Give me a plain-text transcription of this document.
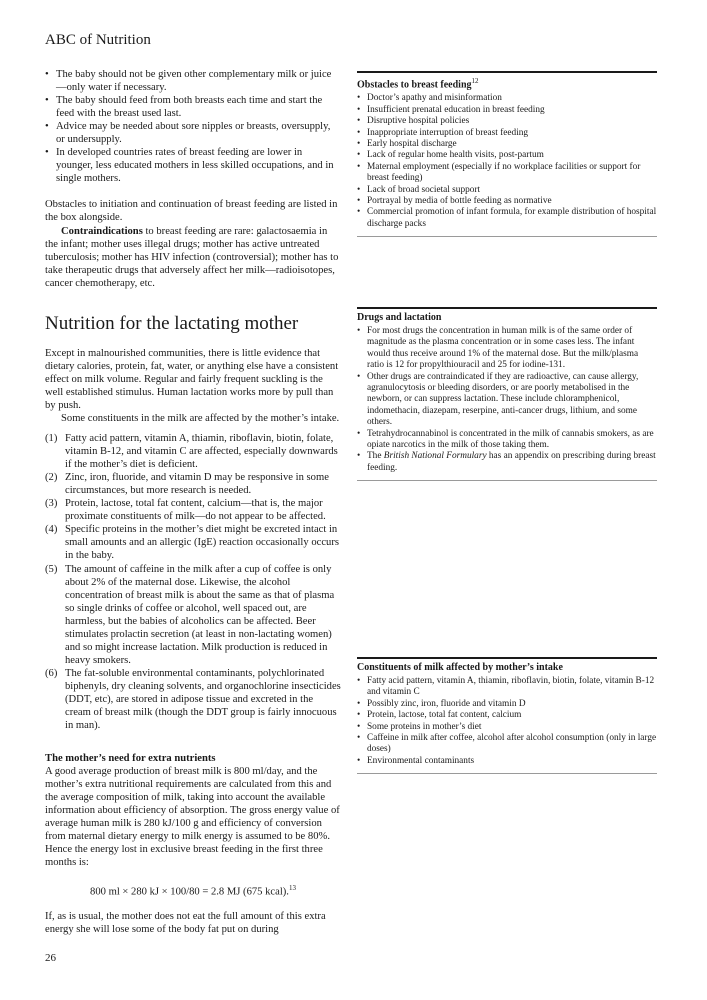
ABC of Nutrition
• The baby should not be given other complementary milk or juice—only water if necessary.
• The baby should feed from both breasts each time and start the feed with the breast used last.
• Advice may be needed about sore nipples or breasts, oversupply, or undersupply.
• In developed countries rates of breast feeding are lower in younger, less educated mothers in less skilled occupations, and in single mothers.

Obstacles to initiation and continuation of breast feeding are listed in the box alongside.

Contraindications to breast feeding are rare: galactosaemia in the infant; mother uses illegal drugs; mother has active untreated tuberculosis; mother has HIV infection (controversial); mother has to take therapeutic drugs that adversely affect her milk—radioisotopes, cancer chemotherapy, etc.

Nutrition for the lactating mother

Except in malnourished communities, there is little evidence that dietary calories, protein, fat, water, or anything else have a consistent effect on milk volume. Regular and fairly frequent suckling is the well established stimulus. Human lactation works more by pull than by push.

Some constituents in the milk are affected by the mother’s intake.

(1) Fatty acid pattern, vitamin A, thiamin, riboflavin, biotin, folate, vitamin B-12, and vitamin C are affected, especially downwards if the mother’s diet is deficient.
(2) Zinc, iron, fluoride, and vitamin D may be responsive in some circumstances, but more research is needed.
(3) Protein, lactose, total fat content, calcium—that is, the major proximate constituents of milk—do not appear to be affected.
(4) Specific proteins in the mother’s diet might be excreted intact in small amounts and an allergic (IgE) reaction occasionally occurs in the baby.
(5) The amount of caffeine in the milk after a cup of coffee is only about 2% of the maternal dose. Likewise, the alcohol concentration of breast milk is about the same as that of plasma so single drinks of coffee or alcohol, well spaced out, are harmless, but the babies of alcoholics can be affected. Beer stimulates prolactin secretion (at least in non-lactating women) and so might increase lactation. Milk production is reduced in heavy smokers.
(6) The fat-soluble environmental contaminants, polychlorinated biphenyls, dry cleaning solvents, and organochlorine insecticides (DDT, etc), are stored in adipose tissue and excreted in the cream of breast milk (though the DDT group is fairly innocuous in man).

The mother’s need for extra nutrients

A good average production of breast milk is 800 ml/day, and the mother’s extra nutritional requirements are calculated from this and the average composition of milk, taking into account the available information about efficiency of absorption. The gross energy value of average human milk is 280 kJ/100 g and efficiency of conversion from maternal dietary energy to milk energy is assumed to be 80%. Hence the energy lost in exclusive breast feeding in the first three months is:

800 ml × 280 kJ × 100/80 = 2.8 MJ (675 kcal).$^{13}$

If, as is usual, the mother does not eat the full amount of this extra energy she will lose some of the body fat put on during

Obstacles to breast feeding$^{12}$
• Doctor’s apathy and misinformation
• Insufficient prenatal education in breast feeding
• Disruptive hospital policies
• Inappropriate interruption of breast feeding
• Early hospital discharge
• Lack of regular home health visits, post-partum
• Maternal employment (especially if no workplace facilities or support for breast feeding)
• Lack of broad societal support
• Portrayal by media of bottle feeding as normative
• Commercial promotion of infant formula, for example distribution of hospital discharge packs
Drugs and lactation
• For most drugs the concentration in human milk is of the same order of magnitude as the plasma concentration or in some cases less. The infant would thus receive around 1% of the maternal dose. But the milk/plasma ratio is 12 for propylthiouracil and 25 for iodine-131.
• Other drugs are contraindicated if they are radioactive, can cause allergy, agranulocytosis or bleeding disorders, or are poorly metabolised in the newborn, or can suppress lactation. These include chloramphenicol, indomethacin, diazepam, reserpine, anti-cancer drugs, lithium, and some others.
• Tetrahydrocannabinol is concentrated in the milk of cannabis smokers, as are opiate narcotics in the milk of those taking them.
• The British National Formulary has an appendix on prescribing during breast feeding.
Constituents of milk affected by mother’s intake
• Fatty acid pattern, vitamin A, thiamin, riboflavin, biotin, folate, vitamin B-12 and vitamin C
• Possibly zinc, iron, fluoride and vitamin D
• Protein, lactose, total fat content, calcium
• Some proteins in mother’s diet
• Caffeine in milk after coffee, alcohol after alcohol consumption (only in large doses)
• Environmental contaminants
26
